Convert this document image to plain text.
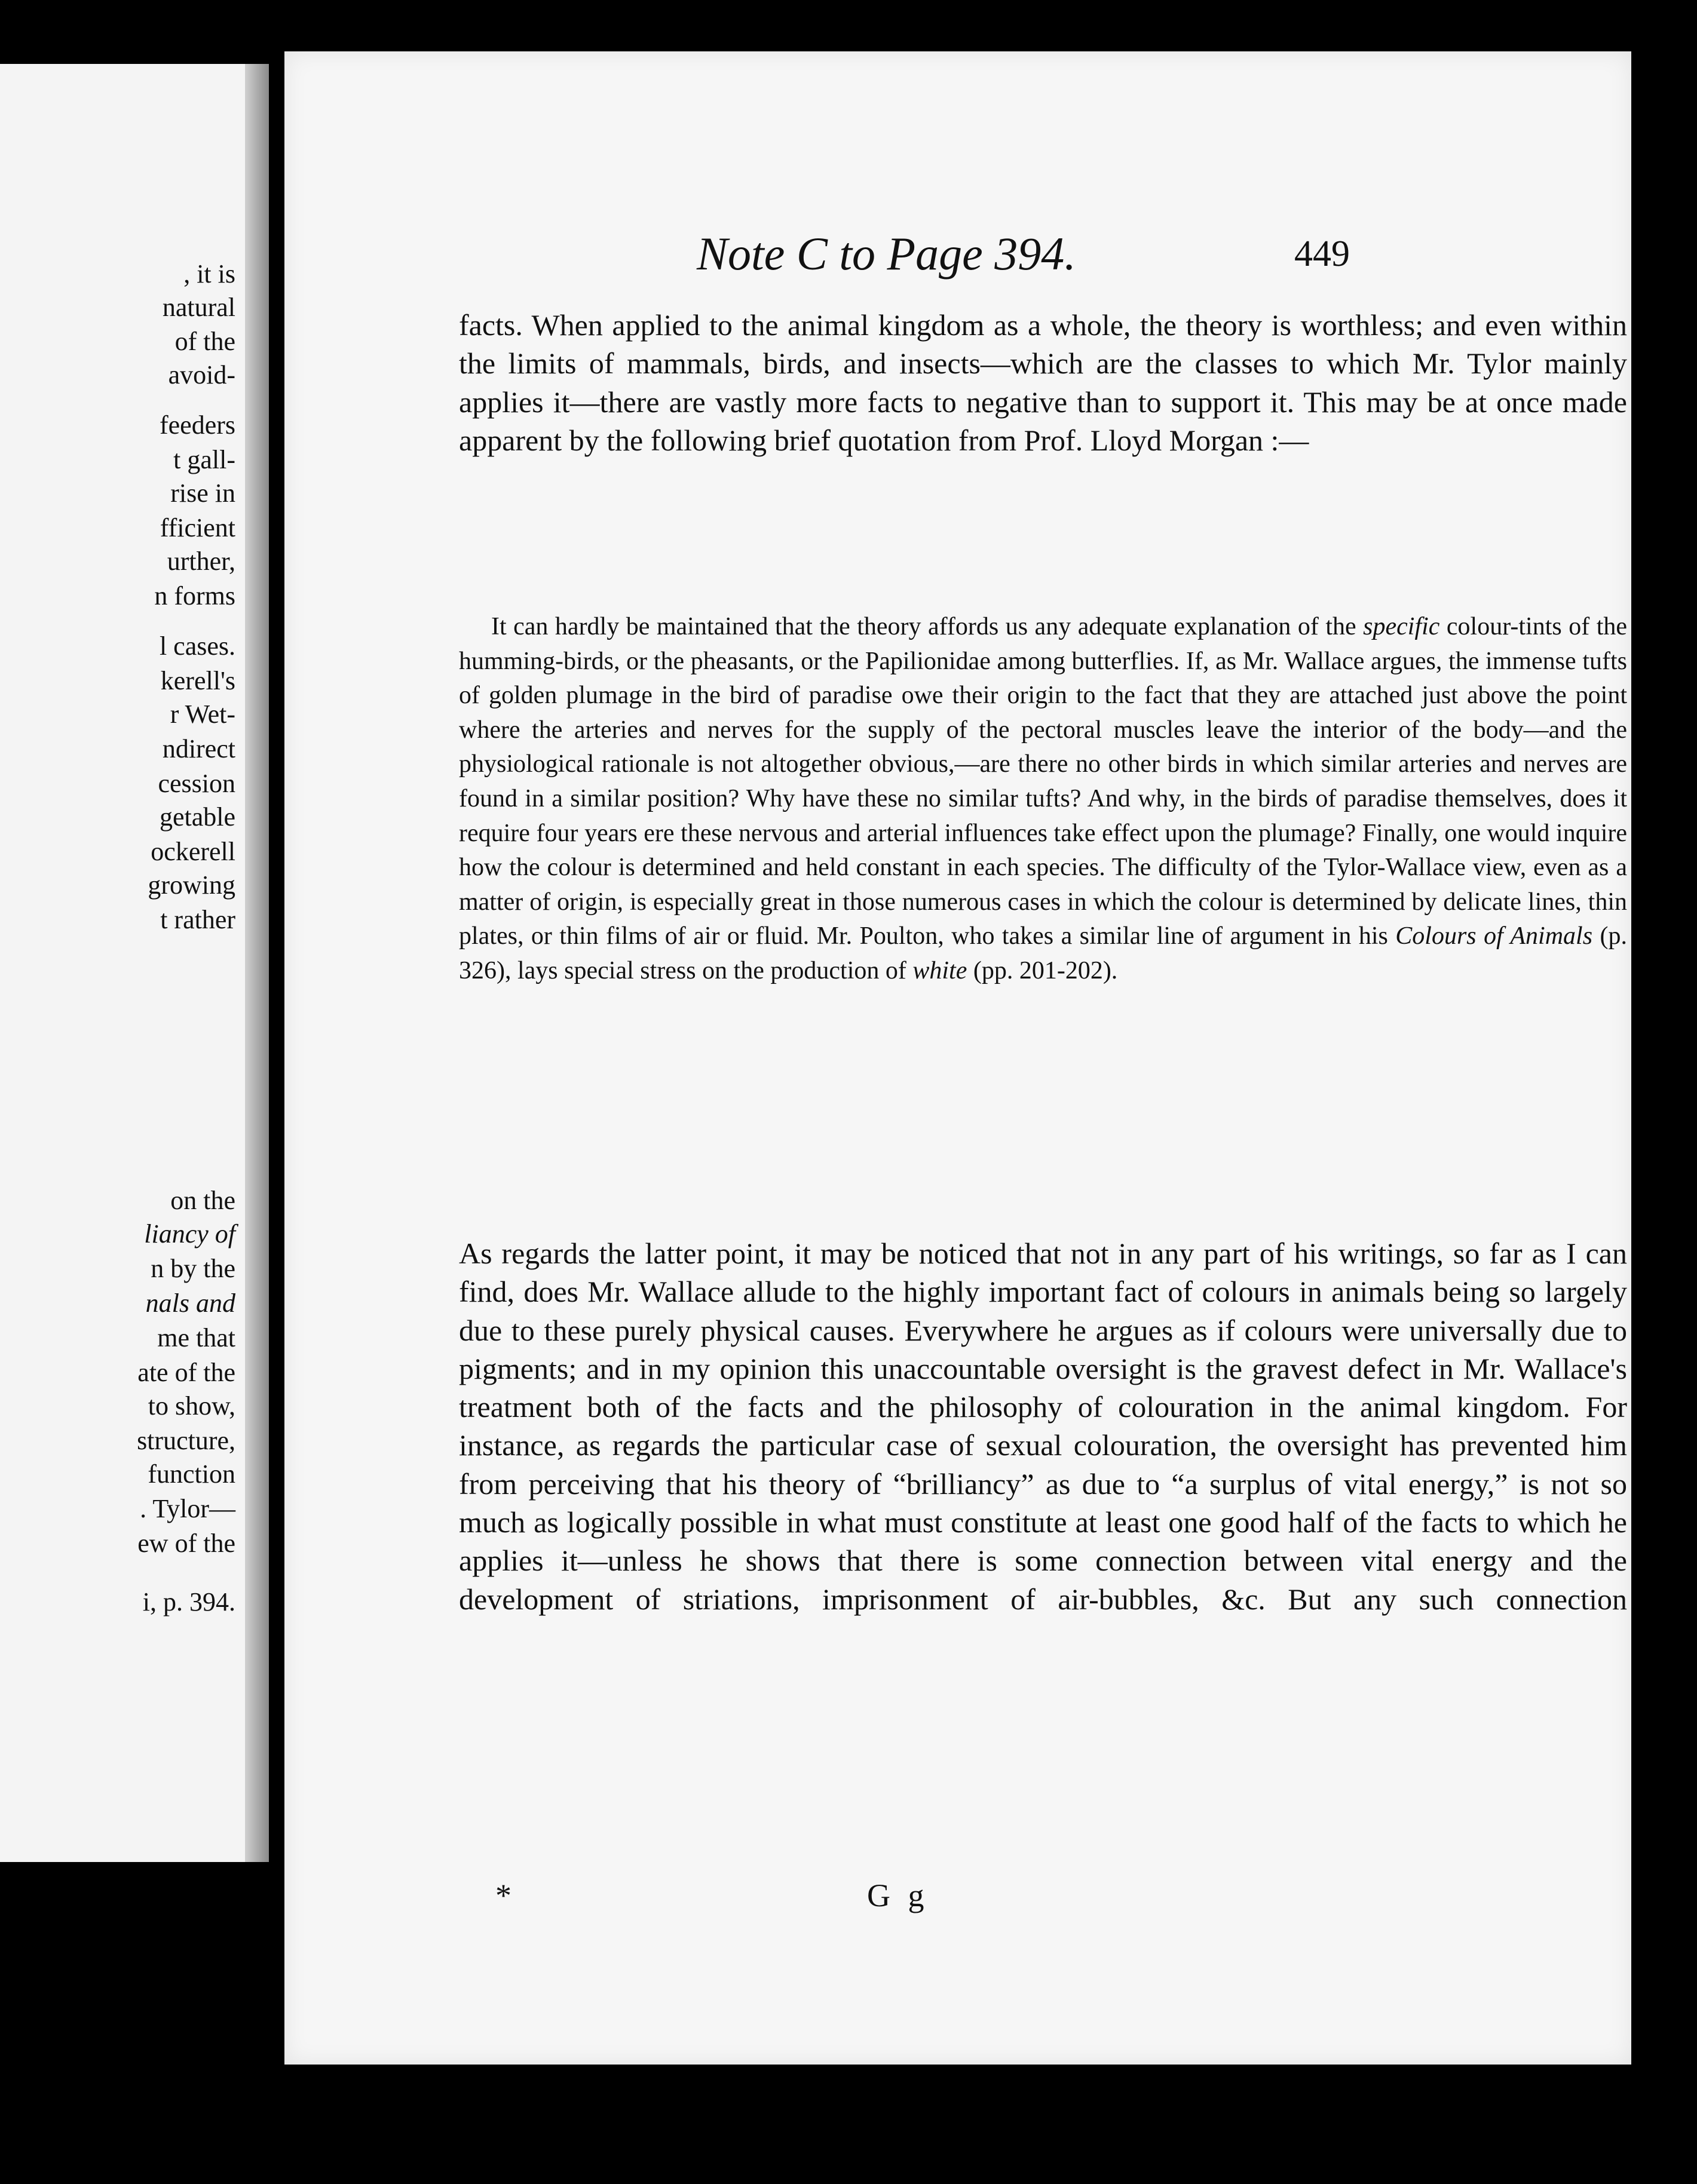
, it is
natural
of the
avoid-
feeders
t gall-
rise in
fficient
urther,
n forms
l cases.
kerell's
r Wet-
ndirect
cession
getable
ockerell
growing
t rather
on the
liancy of
n by the
nals and
me that
ate of the
to show,
structure,
function
. Tylor—
ew of the
i, p. 394.
Note C to Page 394.	449

facts. When applied to the animal kingdom as a whole, the theory is worthless; and even within the limits of mammals, birds, and insects—which are the classes to which Mr. Tylor mainly applies it—there are vastly more facts to negative than to support it. This may be at once made apparent by the following brief quotation from Prof. Lloyd Morgan :—

It can hardly be maintained that the theory affords us any adequate explanation of the specific colour-tints of the humming-birds, or the pheasants, or the Papilionidae among butterflies. If, as Mr. Wallace argues, the immense tufts of golden plumage in the bird of paradise owe their origin to the fact that they are attached just above the point where the arteries and nerves for the supply of the pectoral muscles leave the interior of the body—and the physiological rationale is not altogether obvious,—are there no other birds in which similar arteries and nerves are found in a similar position? Why have these no similar tufts? And why, in the birds of paradise themselves, does it require four years ere these nervous and arterial influences take effect upon the plumage? Finally, one would inquire how the colour is determined and held constant in each species. The difficulty of the Tylor-Wallace view, even as a matter of origin, is especially great in those numerous cases in which the colour is determined by delicate lines, thin plates, or thin films of air or fluid. Mr. Poulton, who takes a similar line of argument in his Colours of Animals (p. 326), lays special stress on the production of white (pp. 201-202).

As regards the latter point, it may be noticed that not in any part of his writings, so far as I can find, does Mr. Wallace allude to the highly important fact of colours in animals being so largely due to these purely physical causes. Everywhere he argues as if colours were universally due to pigments; and in my opinion this unaccountable oversight is the gravest defect in Mr. Wallace's treatment both of the facts and the philosophy of colouration in the animal kingdom. For instance, as regards the particular case of sexual colouration, the oversight has prevented him from perceiving that his theory of “brilliancy” as due to “a surplus of vital energy,” is not so much as logically possible in what must constitute at least one good half of the facts to which he applies it—unless he shows that there is some connection between vital energy and the development of striations, imprisonment of air-bubbles, &c. But any such connection

*	G g
